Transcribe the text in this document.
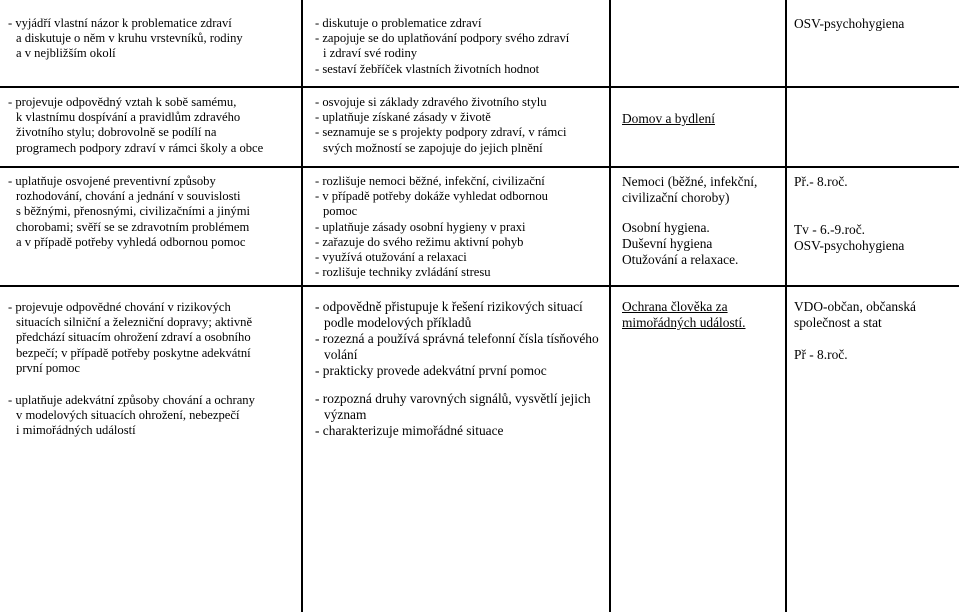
- vyjádří vlastní názor k problematice zdraví
a diskutuje o něm v kruhu vrstevníků, rodiny
a v nejbližším okolí
- diskutuje o problematice zdraví
- zapojuje se do uplatňování podpory svého zdraví
i zdraví své rodiny
- sestaví žebříček vlastních životních hodnot
OSV-psychohygiena
- projevuje odpovědný vztah k sobě samému,
k vlastnímu dospívání a pravidlům zdravého
životního stylu; dobrovolně se podílí na
programech podpory zdraví v rámci školy a obce
- osvojuje si základy zdravého životního stylu
- uplatňuje získané zásady v životě
- seznamuje se s projekty podpory zdraví, v rámci
svých možností se zapojuje do jejich plnění
Domov a bydlení
- uplatňuje osvojené preventivní způsoby
rozhodování, chování a jednání v souvislosti
s běžnými, přenosnými, civilizačními a jinými
chorobami; svěří se se zdravotním problémem
a v případě potřeby vyhledá odbornou pomoc
- rozlišuje nemoci běžné, infekční, civilizační
- v případě potřeby dokáže vyhledat odbornou
pomoc
- uplatňuje zásady osobní hygieny v praxi
- zařazuje do svého režimu aktivní pohyb
- využívá otužování a relaxaci
- rozlišuje techniky zvládání stresu
Nemoci (běžné, infekční,
civilizační choroby)
Osobní hygiena.
Duševní hygiena
Otužování a relaxace.
Př.- 8.roč.
Tv - 6.-9.roč.
OSV-psychohygiena
- projevuje odpovědné chování v rizikových
situacích silniční a železniční dopravy; aktivně
předchází situacím ohrožení zdraví a osobního
bezpečí; v případě potřeby poskytne adekvátní
první pomoc
- uplatňuje adekvátní způsoby chování a ochrany
v modelových situacích ohrožení, nebezpečí
i mimořádných událostí
- odpovědně přistupuje k řešení rizikových situací
podle modelových příkladů
- rozezná a používá správná telefonní čísla tísňového
volání
- prakticky provede adekvátní první pomoc
- rozpozná druhy varovných signálů, vysvětlí jejich
význam
- charakterizuje mimořádné situace
Ochrana člověka za
mimořádných událostí.
VDO-občan, občanská
společnost a stat
Př - 8.roč.
